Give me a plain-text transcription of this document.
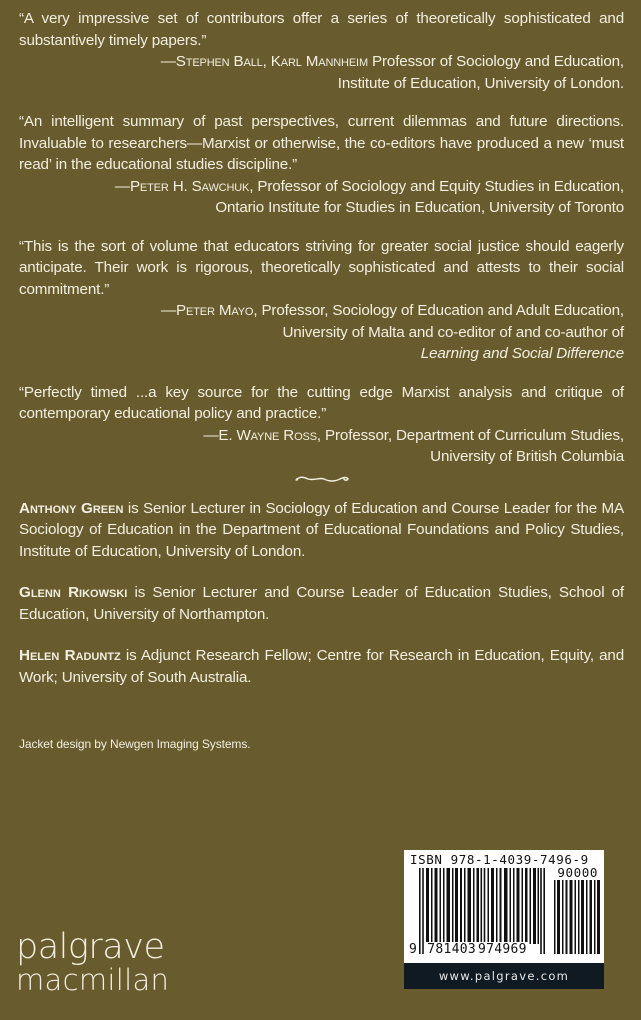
“A very impressive set of contributors offer a series of theoretically sophisticated and substantively timely papers.”

—Stephen Ball, Karl Mannheim Professor of Sociology and Education,

Institute of Education, University of London.

“An intelligent summary of past perspectives, current dilemmas and future directions. Invaluable to researchers—Marxist or otherwise, the co-editors have produced a new ‘must read’ in the educational studies discipline.”

—Peter H. Sawchuk, Professor of Sociology and Equity Studies in Education,

Ontario Institute for Studies in Education, University of Toronto

“This is the sort of volume that educators striving for greater social justice should eagerly anticipate. Their work is rigorous, theoretically sophisticated and attests to their social commitment.”

—Peter Mayo, Professor, Sociology of Education and Adult Education,

University of Malta and co-editor of and co-author of

Learning and Social Difference

“Perfectly timed ...a key source for the cutting edge Marxist analysis and critique of contemporary educational policy and practice.”

—E. Wayne Ross, Professor, Department of Curriculum Studies,

University of British Columbia

Anthony Green is Senior Lecturer in Sociology of Education and Course Leader for the MA Sociology of Education in the Department of Educational Foundations and Policy Studies, Institute of Education, University of London.

Glenn Rikowski is Senior Lecturer and Course Leader of Education Studies, School of Education, University of Northampton.

Helen Raduntz is Adjunct Research Fellow; Centre for Research in Education, Equity, and Work; University of South Australia.

Jacket design by Newgen Imaging Systems.
palgrave
macmillan
ISBN 978-1-4039-7496-9
90000
9 781403 974969
www.palgrave.com
